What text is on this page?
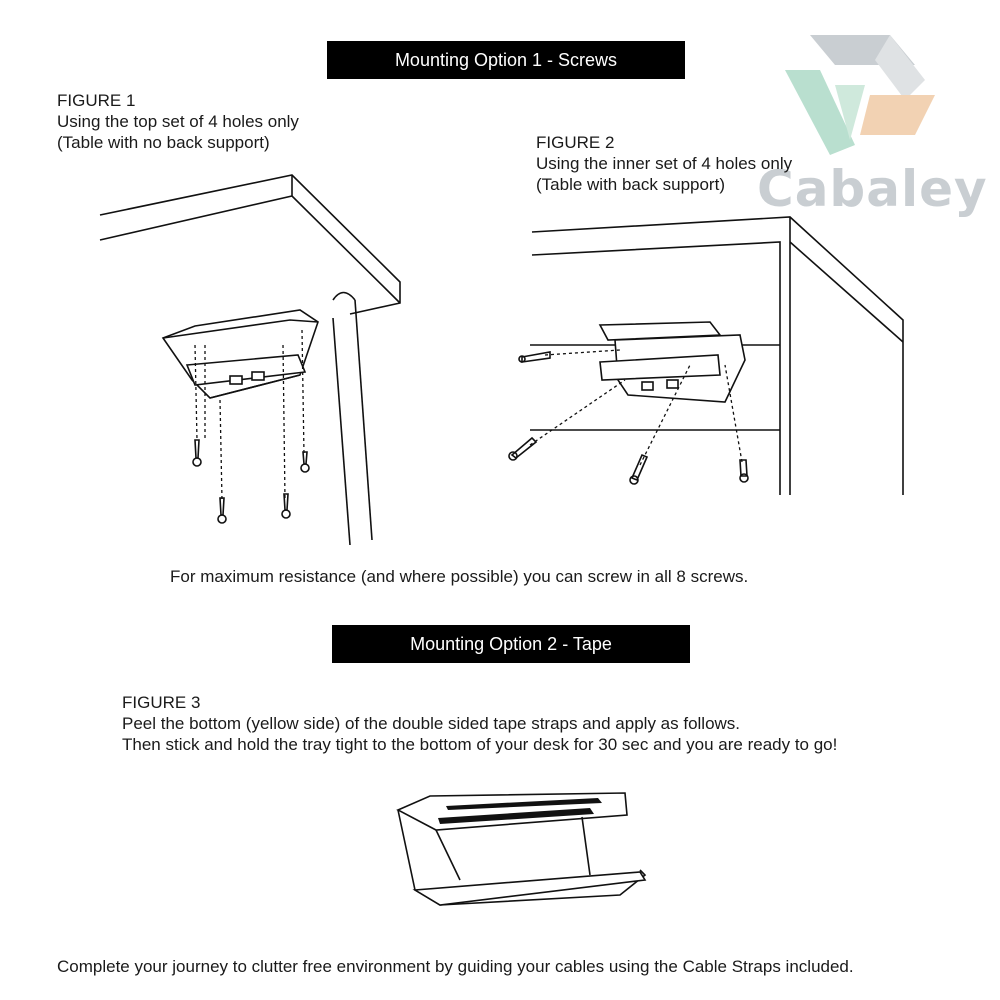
Cabaley
Mounting Option 1 - Screws
FIGURE 1
Using the top set of 4 holes only
(Table with no back support)	FIGURE 2
Using the inner set of 4 holes only
(Table with back support)
For maximum resistance (and where possible) you can screw in all 8 screws.
Mounting Option 2 - Tape
FIGURE 3
Peel the bottom (yellow side) of the double sided tape straps and apply as follows.
Then stick and hold the tray tight to the bottom of your desk for 30 sec and you are ready to go!
Complete your journey to clutter free environment by guiding your cables using the Cable Straps included.
